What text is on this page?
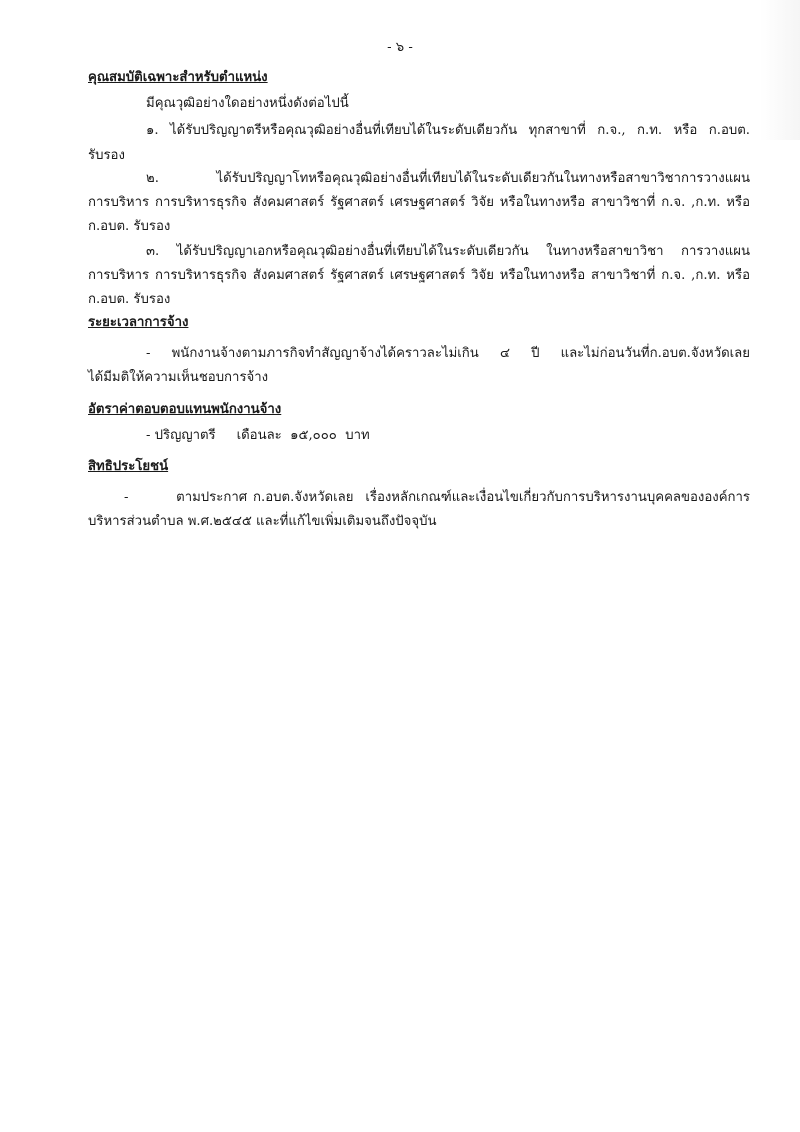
- ๖ -
คุณสมบัติเฉพาะสำหรับตำแหน่ง
มีคุณวุฒิอย่างใดอย่างหนึ่งดังต่อไปนี้
๑. ได้รับปริญญาตรีหรือคุณวุฒิอย่างอื่นที่เทียบได้ในระดับเดียวกัน ทุกสาขาที่ ก.จ., ก.ท. หรือ ก.อบต.
รับรอง
๒. ได้รับปริญญาโทหรือคุณวุฒิอย่างอื่นที่เทียบได้ในระดับเดียวกันในทางหรือสาขาวิชาการวางแผน
การบริหาร การบริหารธุรกิจ สังคมศาสตร์ รัฐศาสตร์ เศรษฐศาสตร์ วิจัย หรือในทางหรือ สาขาวิชาที่ ก.จ. ,ก.ท. หรือ
ก.อบต. รับรอง
๓. ได้รับปริญญาเอกหรือคุณวุฒิอย่างอื่นที่เทียบได้ในระดับเดียวกัน ในทางหรือสาขาวิชา การวางแผน
การบริหาร การบริหารธุรกิจ สังคมศาสตร์ รัฐศาสตร์ เศรษฐศาสตร์ วิจัย หรือในทางหรือ สาขาวิชาที่ ก.จ. ,ก.ท. หรือ
ก.อบต. รับรอง
ระยะเวลาการจ้าง
- พนักงานจ้างตามภารกิจทำสัญญาจ้างได้คราวละไม่เกิน ๔ ปี และไม่ก่อนวันที่ก.อบต.จังหวัดเลย
ได้มีมติให้ความเห็นชอบการจ้าง
อัตราค่าตอบตอบแทนพนักงานจ้าง
- ปริญญาตรี     เดือนละ  ๑๕,๐๐๐  บาท
สิทธิประโยชน์
-        ตามประกาศ ก.อบต.จังหวัดเลย  เรื่องหลักเกณฑ์และเงื่อนไขเกี่ยวกับการบริหารงานบุคคลขององค์การ
บริหารส่วนตำบล พ.ศ.๒๕๔๕ และที่แก้ไขเพิ่มเติมจนถึงปัจจุบัน
